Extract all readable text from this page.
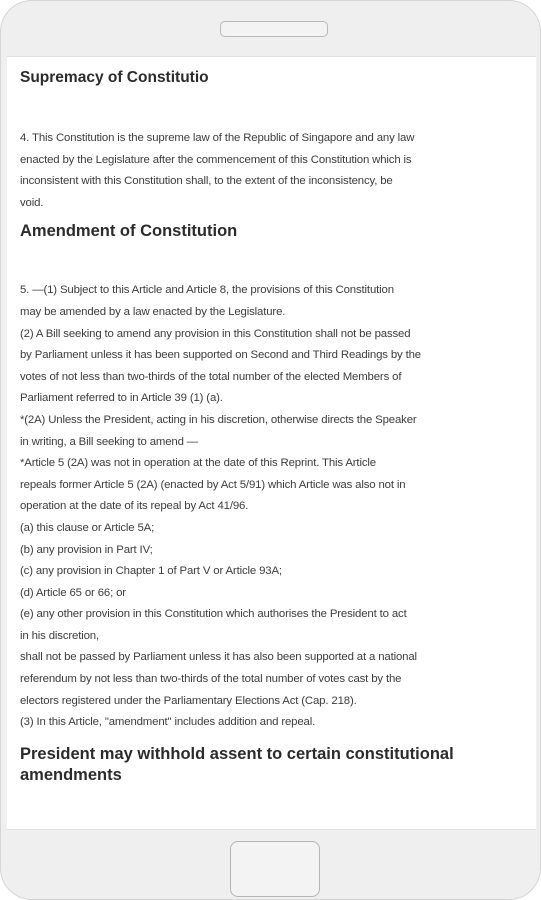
Supremacy of Constitutio

4. This Constitution is the supreme law of the Republic of Singapore and any law
enacted by the Legislature after the commencement of this Constitution which is
inconsistent with this Constitution shall, to the extent of the inconsistency, be
void.

Amendment of Constitution

5. —(1) Subject to this Article and Article 8, the provisions of this Constitution
may be amended by a law enacted by the Legislature.
(2) A Bill seeking to amend any provision in this Constitution shall not be passed
by Parliament unless it has been supported on Second and Third Readings by the
votes of not less than two-thirds of the total number of the elected Members of
Parliament referred to in Article 39 (1) (a).
*(2A) Unless the President, acting in his discretion, otherwise directs the Speaker
in writing, a Bill seeking to amend —
*Article 5 (2A) was not in operation at the date of this Reprint. This Article
repeals former Article 5 (2A) (enacted by Act 5/91) which Article was also not in
operation at the date of its repeal by Act 41/96.
(a) this clause or Article 5A;
(b) any provision in Part IV;
(c) any provision in Chapter 1 of Part V or Article 93A;
(d) Article 65 or 66; or
(e) any other provision in this Constitution which authorises the President to act
in his discretion,
shall not be passed by Parliament unless it has also been supported at a national
referendum by not less than two-thirds of the total number of votes cast by the
electors registered under the Parliamentary Elections Act (Cap. 218).
(3) In this Article, "amendment" includes addition and repeal.

President may withhold assent to certain constitutional
amendments
